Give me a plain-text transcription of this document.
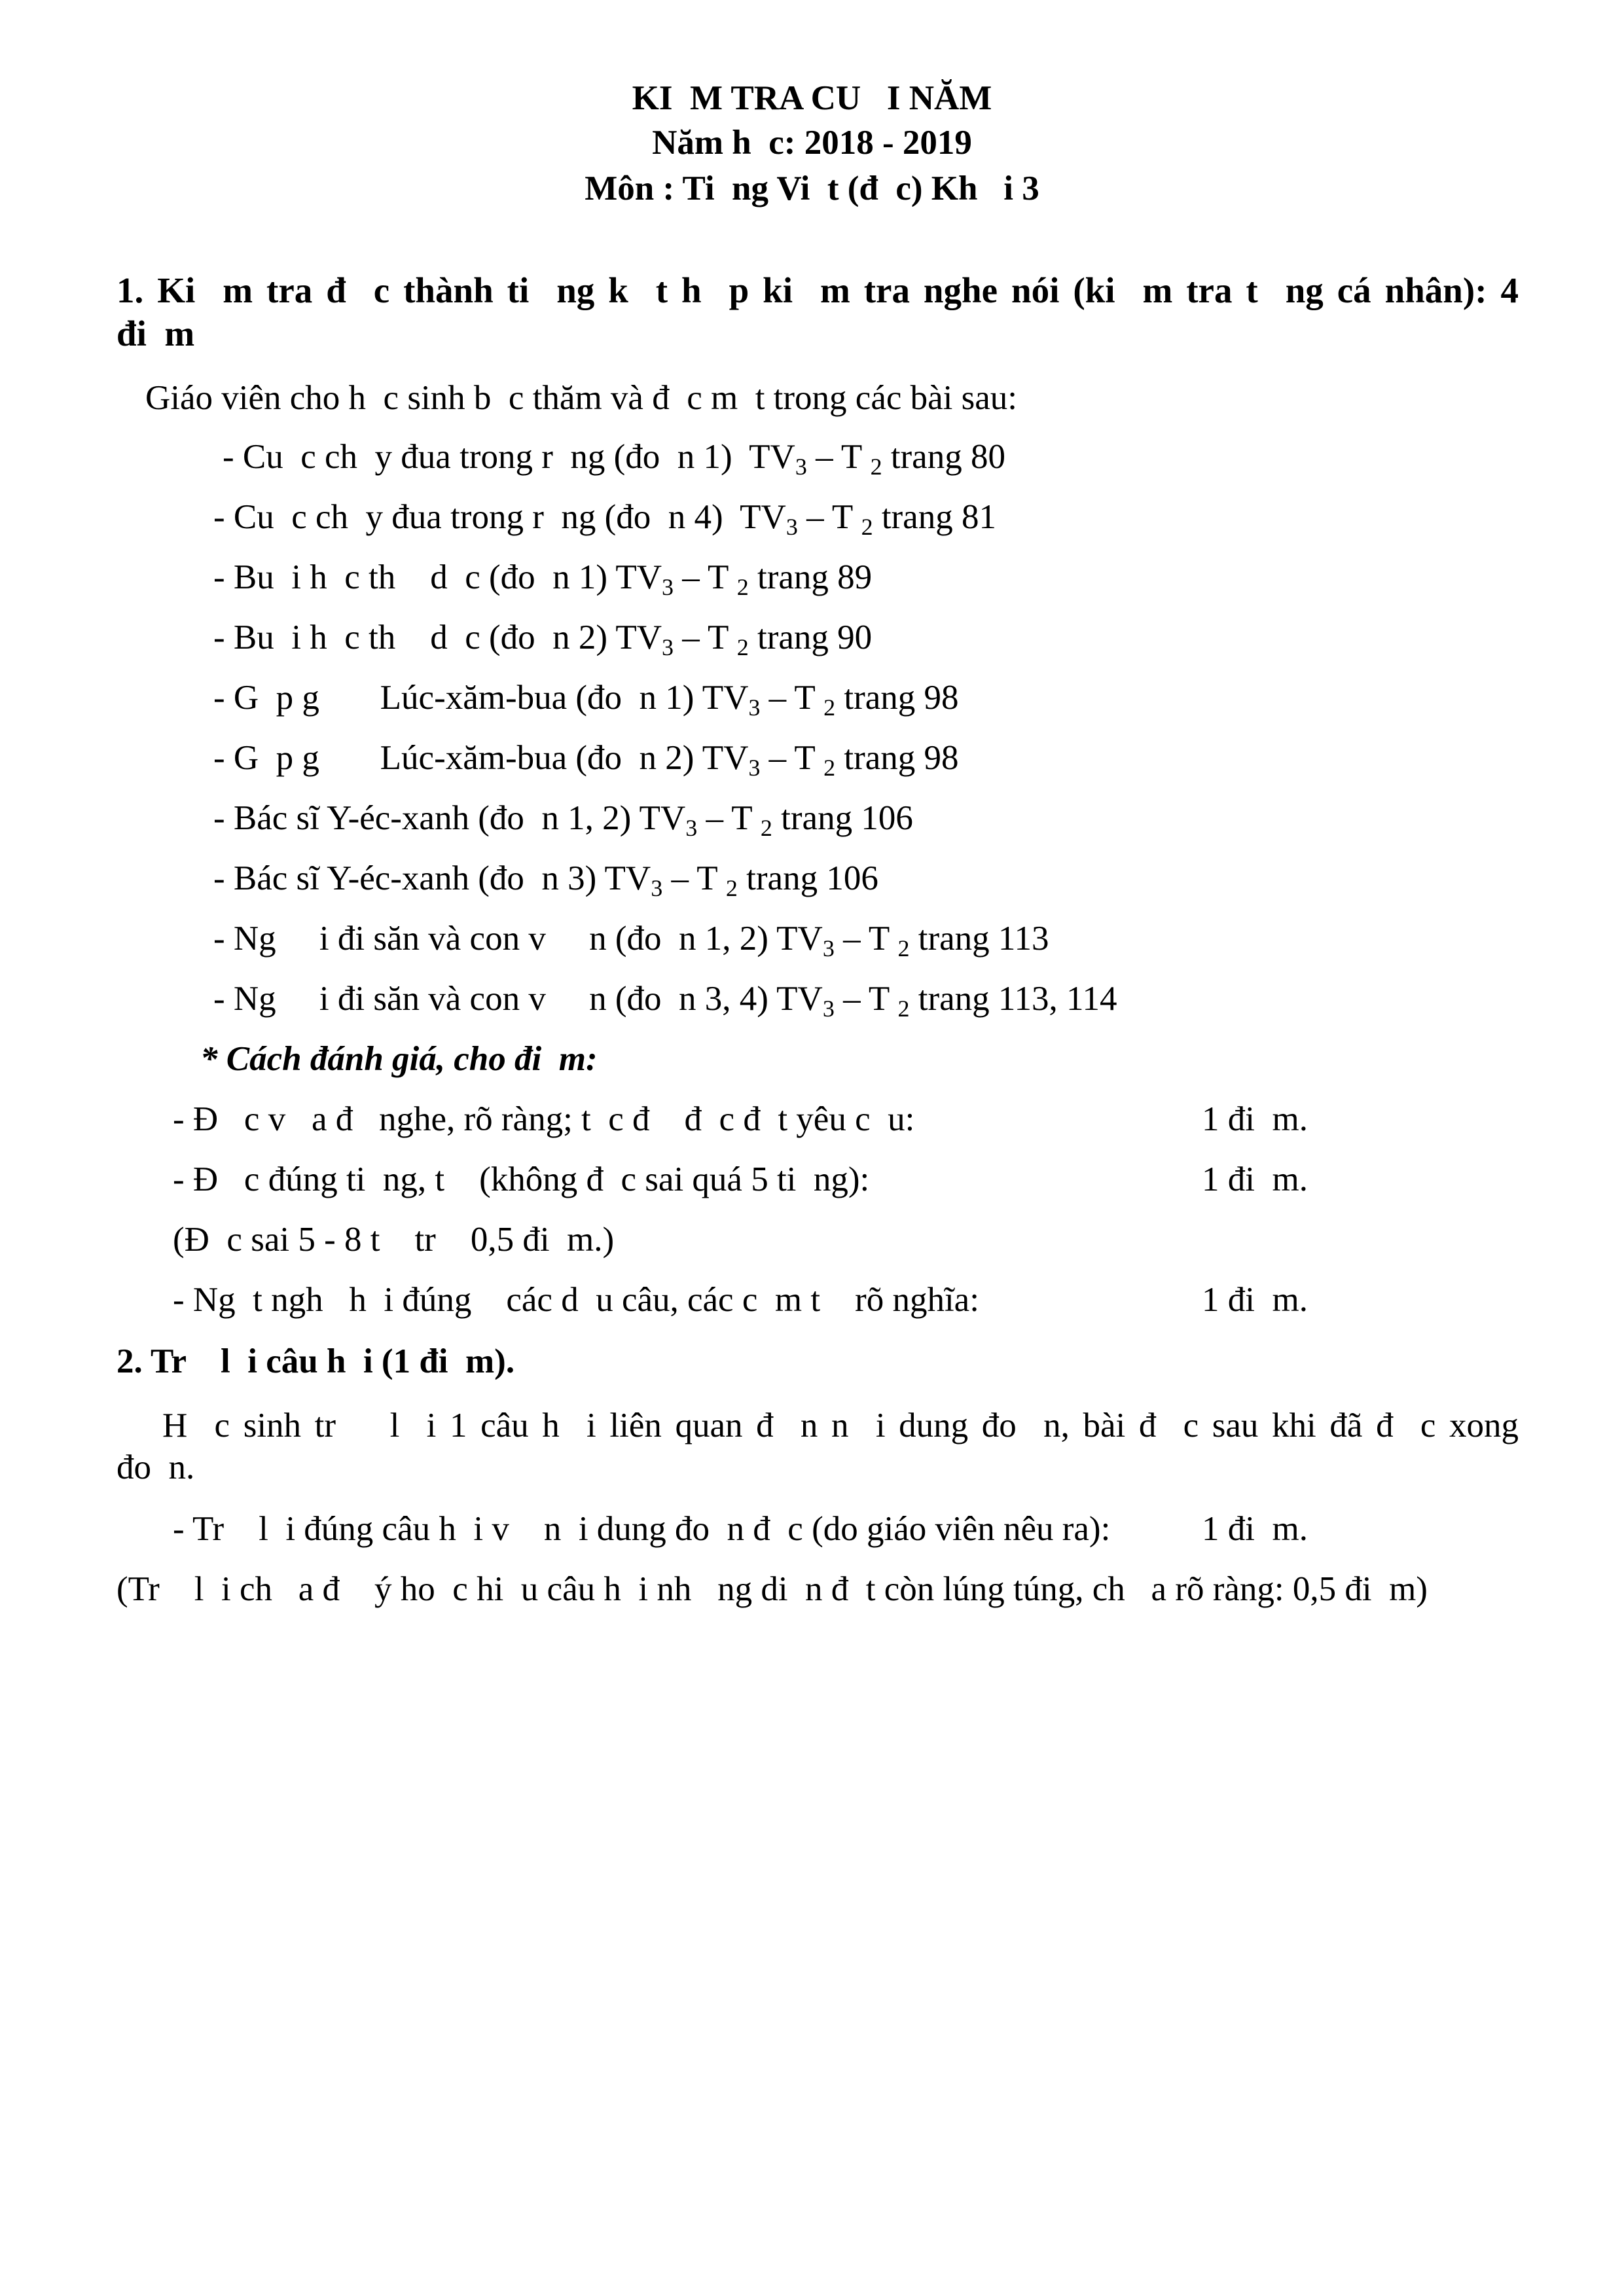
KI  M TRA CU   I NĂM
Năm h  c: 2018 - 2019
Môn : Ti  ng Vi  t (đ  c) Kh   i 3
1. Ki  m tra đ  c thành ti  ng k  t h  p ki  m tra nghe nói (ki  m tra t  ng cá nhân): 4
đi  m
Giáo viên cho h  c sinh b  c thăm và đ  c m  t trong các bài sau:
- Cu  c ch  y đua trong r  ng (đo  n 1)  $TV_3$ – T $_2$ trang 80
- Cu  c ch  y đua trong r  ng (đo  n 4)  $TV_3$ – T $_2$ trang 81
- Bu  i h  c th    d  c (đo  n 1) $TV_3$ – T $_2$ trang 89
- Bu  i h  c th    d  c (đo  n 2) $TV_3$ – T $_2$ trang 90
- G  p g       Lúc-xăm-bua (đo  n 1) $TV_3$ – T $_2$ trang 98
- G  p g       Lúc-xăm-bua (đo  n 2) $TV_3$ – T $_2$ trang 98
- Bác sĩ Y-éc-xanh (đo  n 1, 2) $TV_3$ – T $_2$ trang 106
- Bác sĩ Y-éc-xanh (đo  n 3) $TV_3$ – T $_2$ trang 106
- Ng     i đi săn và con v     n (đo  n 1, 2) $TV_3$ – T $_2$ trang 113
- Ng     i đi săn và con v     n (đo  n 3, 4) $TV_3$ – T $_2$ trang 113, 114
* Cách đánh giá, cho đi  m:
- Đ   c v   a đ   nghe, rõ ràng; t  c đ    đ  c đ  t yêu c  u:	1 đi  m.
- Đ   c đúng ti  ng, t    (không đ  c sai quá 5 ti  ng):	1 đi  m.
(Đ  c sai 5 - 8 t    tr    0,5 đi  m.)
- Ng  t ngh   h  i đúng    các d  u câu, các c  m t    rõ nghĩa:	1 đi  m.
2. Tr    l  i câu h  i (1 đi  m).
H  c sinh tr    l  i 1 câu h  i liên quan đ  n n  i dung đo  n, bài đ  c sau khi đã đ  c xong
đo  n.
- Tr    l  i đúng câu h  i v    n  i dung đo  n đ  c (do giáo viên nêu ra):	1 đi  m.
(Tr    l  i ch   a đ    ý ho  c hi  u câu h  i nh   ng di  n đ  t còn lúng túng, ch   a rõ ràng: 0,5 đi  m)
